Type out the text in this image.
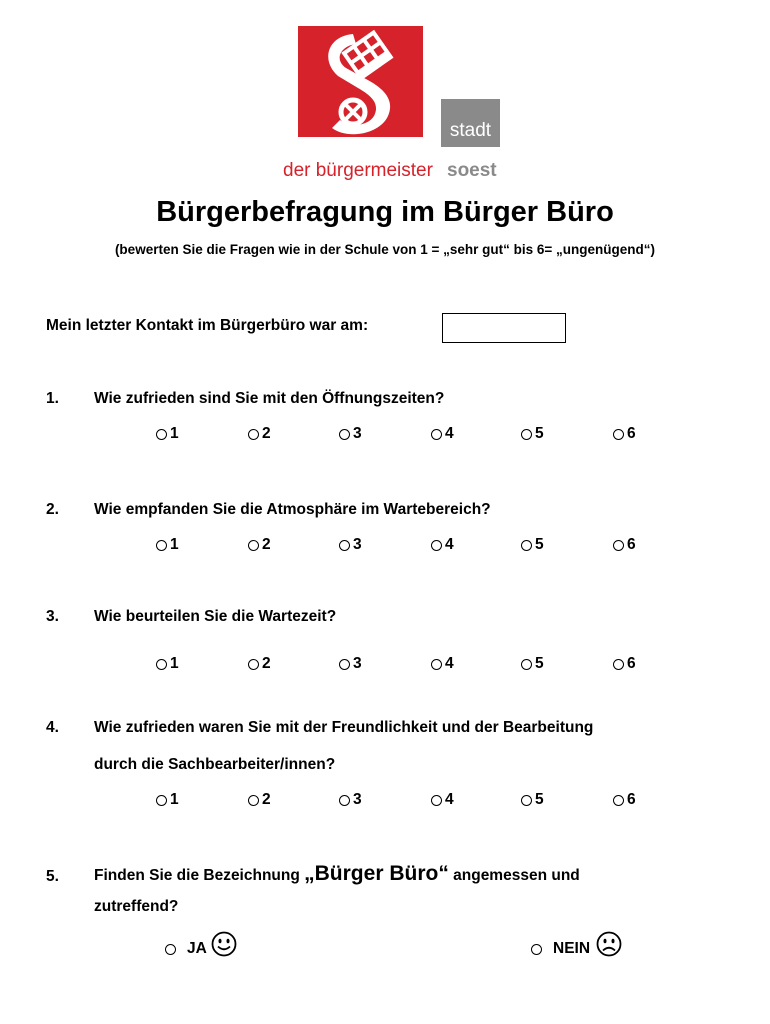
stadt
der bürgermeister soest
Bürgerbefragung im Bürger Büro
(bewerten Sie die Fragen wie in der Schule von 1 = „sehr gut“ bis 6= „ungenügend“)
Mein letzter Kontakt im Bürgerbüro war am:
1. Wie zufrieden sind Sie mit den Öffnungszeiten?
1	2	3	4	5	6
2. Wie empfanden Sie die Atmosphäre im Wartebereich?
1	2	3	4	5	6
3. Wie beurteilen Sie die Wartezeit?
1	2	3	4	5	6
4. Wie zufrieden waren Sie mit der Freundlichkeit und der Bearbeitung
durch die Sachbearbeiter/innen?
1	2	3	4	5	6
5. Finden Sie die Bezeichnung „Bürger Büro“ angemessen und
zutreffend?
JA	NEIN
